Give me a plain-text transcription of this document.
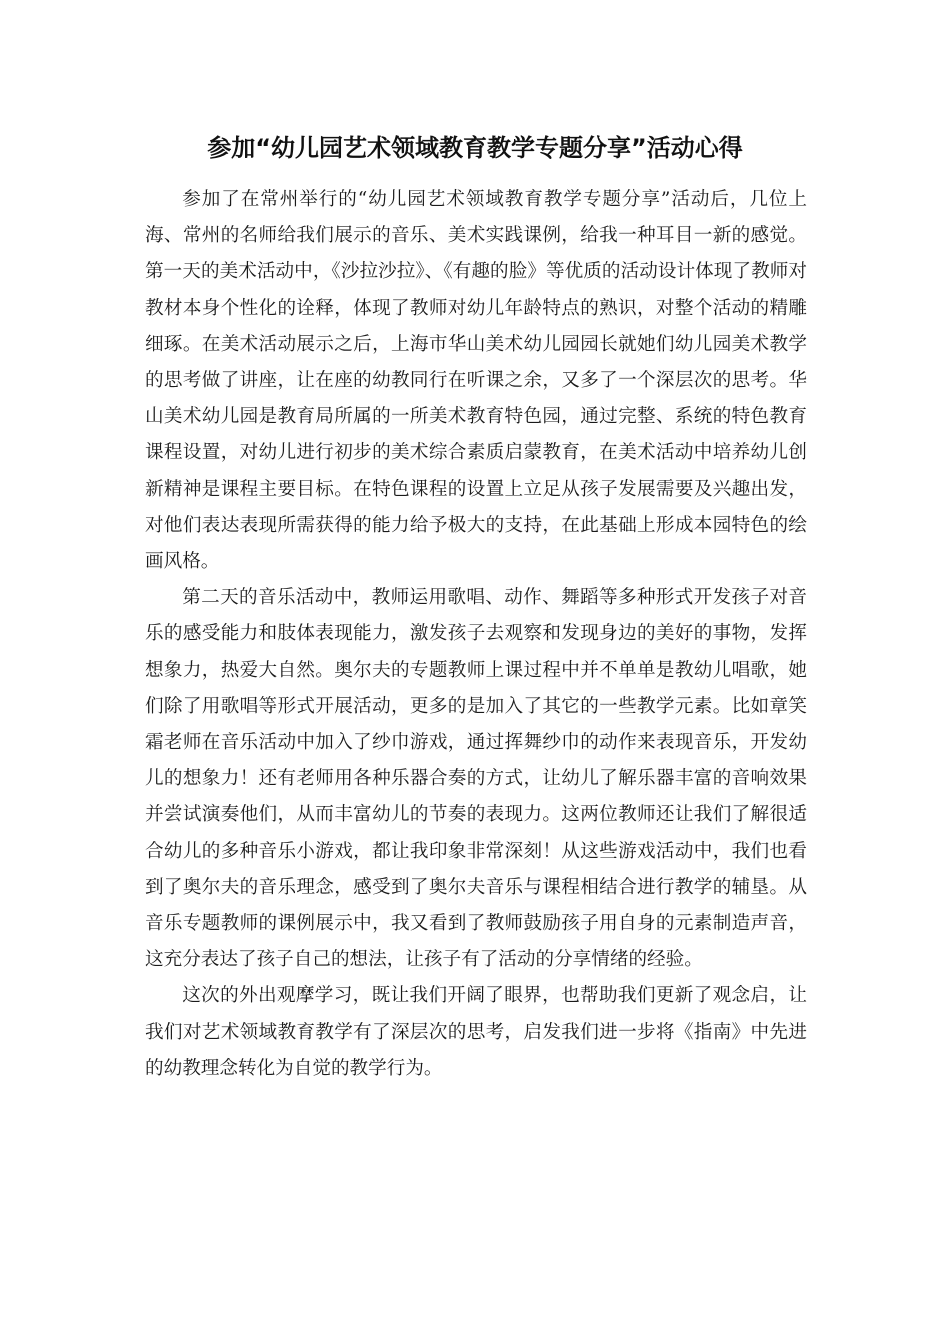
参加“幼儿园艺术领域教育教学专题分享”活动心得

参加了在常州举行的“幼儿园艺术领域教育教学专题分享”活动后，几位上海、常州的名师给我们展示的音乐、美术实践课例，给我一种耳目一新的感觉。第一天的美术活动中，《沙拉沙拉》、《有趣的脸》等优质的活动设计体现了教师对教材本身个性化的诠释，体现了教师对幼儿年龄特点的熟识，对整个活动的精雕细琢。在美术活动展示之后，上海市华山美术幼儿园园长就她们幼儿园美术教学的思考做了讲座，让在座的幼教同行在听课之余，又多了一个深层次的思考。华山美术幼儿园是教育局所属的一所美术教育特色园，通过完整、系统的特色教育课程设置，对幼儿进行初步的美术综合素质启蒙教育，在美术活动中培养幼儿创新精神是课程主要目标。在特色课程的设置上立足从孩子发展需要及兴趣出发，对他们表达表现所需获得的能力给予极大的支持，在此基础上形成本园特色的绘画风格。

第二天的音乐活动中，教师运用歌唱、动作、舞蹈等多种形式开发孩子对音乐的感受能力和肢体表现能力，激发孩子去观察和发现身边的美好的事物，发挥想象力，热爱大自然。奥尔夫的专题教师上课过程中并不单单是教幼儿唱歌，她们除了用歌唱等形式开展活动，更多的是加入了其它的一些教学元素。比如章笑霜老师在音乐活动中加入了纱巾游戏，通过挥舞纱巾的动作来表现音乐，开发幼儿的想象力！还有老师用各种乐器合奏的方式，让幼儿了解乐器丰富的音响效果并尝试演奏他们，从而丰富幼儿的节奏的表现力。这两位教师还让我们了解很适合幼儿的多种音乐小游戏，都让我印象非常深刻！从这些游戏活动中，我们也看到了奥尔夫的音乐理念，感受到了奥尔夫音乐与课程相结合进行教学的辅垦。从音乐专题教师的课例展示中，我又看到了教师鼓励孩子用自身的元素制造声音，这充分表达了孩子自己的想法，让孩子有了活动的分享情绪的经验。

这次的外出观摩学习，既让我们开阔了眼界，也帮助我们更新了观念启，让我们对艺术领域教育教学有了深层次的思考，启发我们进一步将《指南》中先进的幼教理念转化为自觉的教学行为。
